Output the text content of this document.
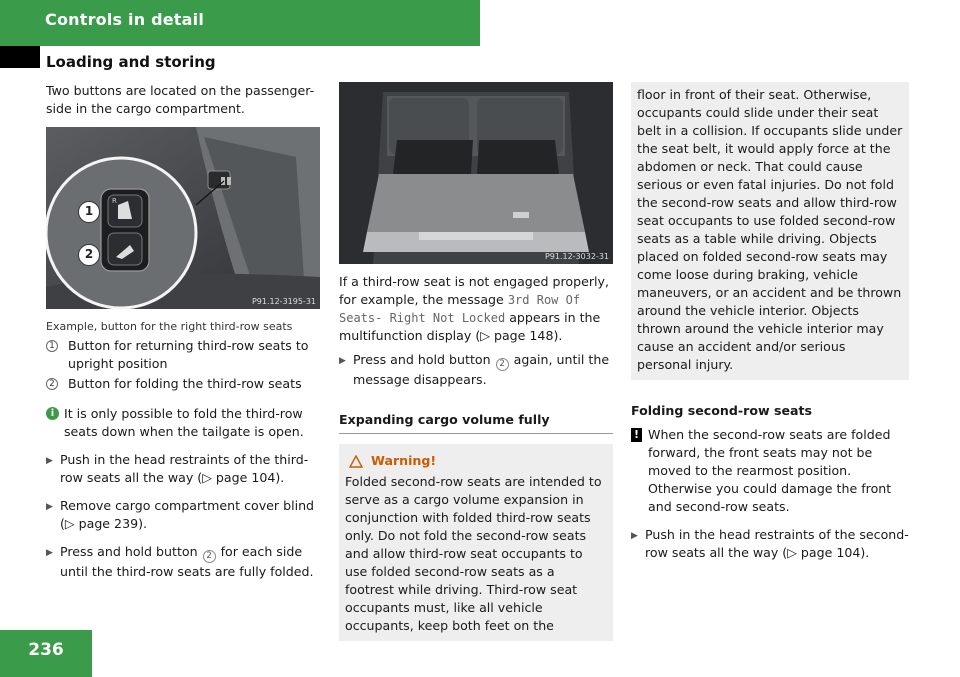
Controls in detail
Loading and storing

Two buttons are located on the passenger-side in the cargo compartment.

R
1
2
P91.12-3195-31

Example, button for the right third-row seats

1 Button for returning third-row seats to upright position
2 Button for folding the third-row seats
i It is only possible to fold the third-row seats down when the tailgate is open.
▶ Push in the head restraints of the third-row seats all the way (▷ page 104).
▶ Remove cargo compartment cover blind (▷ page 239).
▶ Press and hold button 2 for each side until the third-row seats are fully folded.
P91.12-3032-31

If a third-row seat is not engaged properly, for example, the message 3rd Row Of Seats- Right Not Locked appears in the multifunction display (▷ page 148).

▶ Press and hold button 2 again, until the message disappears.
Expanding cargo volume fully
Warning!

Folded second-row seats are intended to serve as a cargo volume expansion in conjunction with folded third-row seats only. Do not fold the second-row seats and allow third-row seat occupants to use folded second-row seats as a footrest while driving. Third-row seat occupants must, like all vehicle occupants, keep both feet on the

floor in front of their seat. Otherwise, occupants could slide under their seat belt in a collision. If occupants slide under the seat belt, it would apply force at the abdomen or neck. That could cause serious or even fatal injuries. Do not fold the second-row seats and allow third-row seat occupants to use folded second-row seats as a table while driving. Objects placed on folded second-row seats may come loose during braking, vehicle maneuvers, or an accident and be thrown around the vehicle interior. Objects thrown around the vehicle interior may cause an accident and/or serious personal injury.

Folding second-row seats
! When the second-row seats are folded forward, the front seats may not be moved to the rearmost position. Otherwise you could damage the front and second-row seats.
▶ Push in the head restraints of the second-row seats all the way (▷ page 104).
236
